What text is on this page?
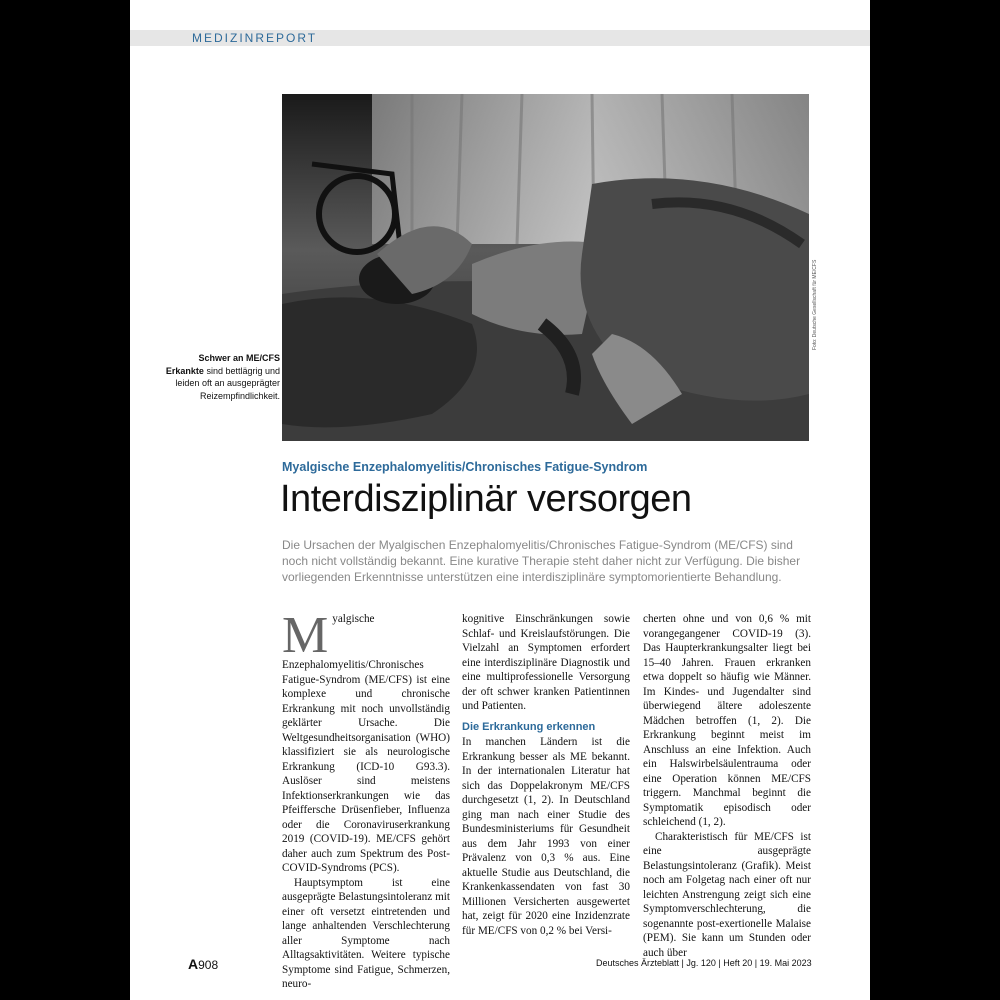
MEDIZINREPORT
Foto: Deutsche Gesellschaft für ME/CFS
Schwer an ME/CFS Erkankte sind bettlägrig und leiden oft an ausgeprägter Reizempfindlichkeit.
Myalgische Enzephalomyelitis/Chronisches Fatigue-Syndrom
Interdisziplinär versorgen
Die Ursachen der Myalgischen Enzephalomyelitis/Chronisches Fatigue-Syndrom (ME/CFS) sind noch nicht vollständig bekannt. Eine kurative Therapie steht daher nicht zur Verfügung. Die bisher vorliegenden Erkenntnisse unterstützen eine interdisziplinäre symptomorientierte Behandlung.

Myalgische Enzephalomyelitis/Chronisches Fatigue-Syndrom (ME/CFS) ist eine komplexe und chronische Erkrankung mit noch unvollständig geklärter Ursache. Die Weltgesundheitsorganisation (WHO) klassifiziert sie als neurologische Erkrankung (ICD-10 G93.3). Auslöser sind meistens Infektionserkrankungen wie das Pfeiffersche Drüsenfieber, Influenza oder die Coronaviruserkrankung 2019 (COVID-19). ME/CFS gehört daher auch zum Spektrum des Post-COVID-Syndroms (PCS).

Hauptsymptom ist eine ausgeprägte Belastungsintoleranz mit einer oft versetzt eintretenden und lange anhaltenden Verschlechterung aller Symptome nach Alltagsaktivitäten. Weitere typische Symptome sind Fatigue, Schmerzen, neuro-

kognitive Einschränkungen sowie Schlaf- und Kreislaufstörungen. Die Vielzahl an Symptomen erfordert eine interdisziplinäre Diagnostik und eine multiprofessionelle Versorgung der oft schwer kranken Patientinnen und Patienten.

Die Erkrankung erkennen

In manchen Ländern ist die Erkrankung besser als ME bekannt. In der internationalen Literatur hat sich das Doppelakronym ME/CFS durchgesetzt (1, 2). In Deutschland ging man nach einer Studie des Bundesministeriums für Gesundheit aus dem Jahr 1993 von einer Prävalenz von 0,3 % aus. Eine aktuelle Studie aus Deutschland, die Krankenkassendaten von fast 30 Millionen Versicherten ausgewertet hat, zeigt für 2020 eine Inzidenzrate für ME/CFS von 0,2 % bei Versi-

cherten ohne und von 0,6 % mit vorangegangener COVID-19 (3). Das Haupterkrankungsalter liegt bei 15–40 Jahren. Frauen erkranken etwa doppelt so häufig wie Männer. Im Kindes- und Jugendalter sind überwiegend ältere adoleszente Mädchen betroffen (1, 2). Die Erkrankung beginnt meist im Anschluss an eine Infektion. Auch ein Halswirbelsäulentrauma oder eine Operation können ME/CFS triggern. Manchmal beginnt die Symptomatik episodisch oder schleichend (1, 2).

Charakteristisch für ME/CFS ist eine ausgeprägte Belastungsintoleranz (Grafik). Meist noch am Folgetag nach einer oft nur leichten Anstrengung zeigt sich eine Symptomverschlechterung, die sogenannte post-exertionelle Malaise (PEM). Sie kann um Stunden oder auch über

A908	Deutsches Ärzteblatt | Jg. 120 | Heft 20 | 19. Mai 2023
